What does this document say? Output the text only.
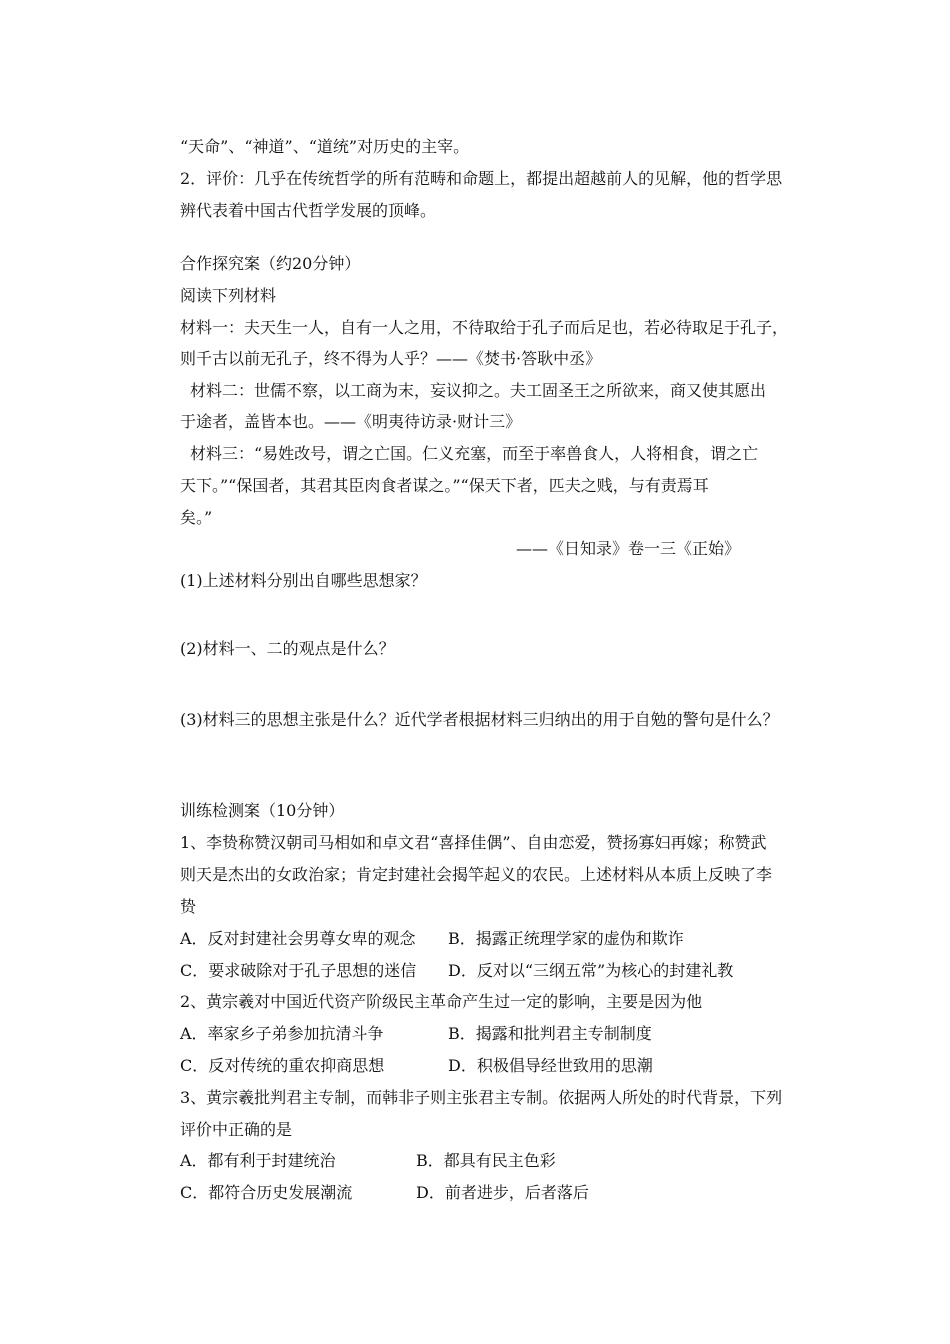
“天命”、“神道”、“道统”对历史的主宰。
2．评价：几乎在传统哲学的所有范畴和命题上，都提出超越前人的见解，他的哲学思
辨代表着中国古代哲学发展的顶峰。
合作探究案（约20分钟）
阅读下列材料
材料一：夫天生一人，自有一人之用，不待取给于孔子而后足也，若必待取足于孔子，
则千古以前无孔子，终不得为人乎？——《焚书·答耿中丞》
材料二：世儒不察，以工商为末，妄议抑之。夫工固圣王之所欲来，商又使其愿出
于途者，盖皆本也。——《明夷待访录·财计三》
材料三：“易姓改号，谓之亡国。仁义充塞，而至于率兽食人，人将相食，谓之亡
天下。”“保国者，其君其臣肉食者谋之。”“保天下者，匹夫之贱，与有责焉耳
矣。”
——《日知录》卷一三《正始》
(1)上述材料分别出自哪些思想家？
(2)材料一、二的观点是什么？
(3)材料三的思想主张是什么？近代学者根据材料三归纳出的用于自勉的警句是什么？
训练检测案（10分钟）
1、李贽称赞汉朝司马相如和卓文君“喜择佳偶”、自由恋爱，赞扬寡妇再嫁；称赞武
则天是杰出的女政治家；肯定封建社会揭竿起义的农民。上述材料从本质上反映了李
贽
A．反对封建社会男尊女卑的观念 B．揭露正统理学家的虚伪和欺诈
C．要求破除对于孔子思想的迷信 D．反对以“三纲五常”为核心的封建礼教
2、黄宗羲对中国近代资产阶级民主革命产生过一定的影响，主要是因为他
A．率家乡子弟参加抗清斗争	B．揭露和批判君主专制制度
C．反对传统的重农抑商思想	D．积极倡导经世致用的思潮
3、黄宗羲批判君主专制，而韩非子则主张君主专制。依据两人所处的时代背景，下列
评价中正确的是
A．都有利于封建统治	B．都具有民主色彩
C．都符合历史发展潮流	D．前者进步，后者落后
